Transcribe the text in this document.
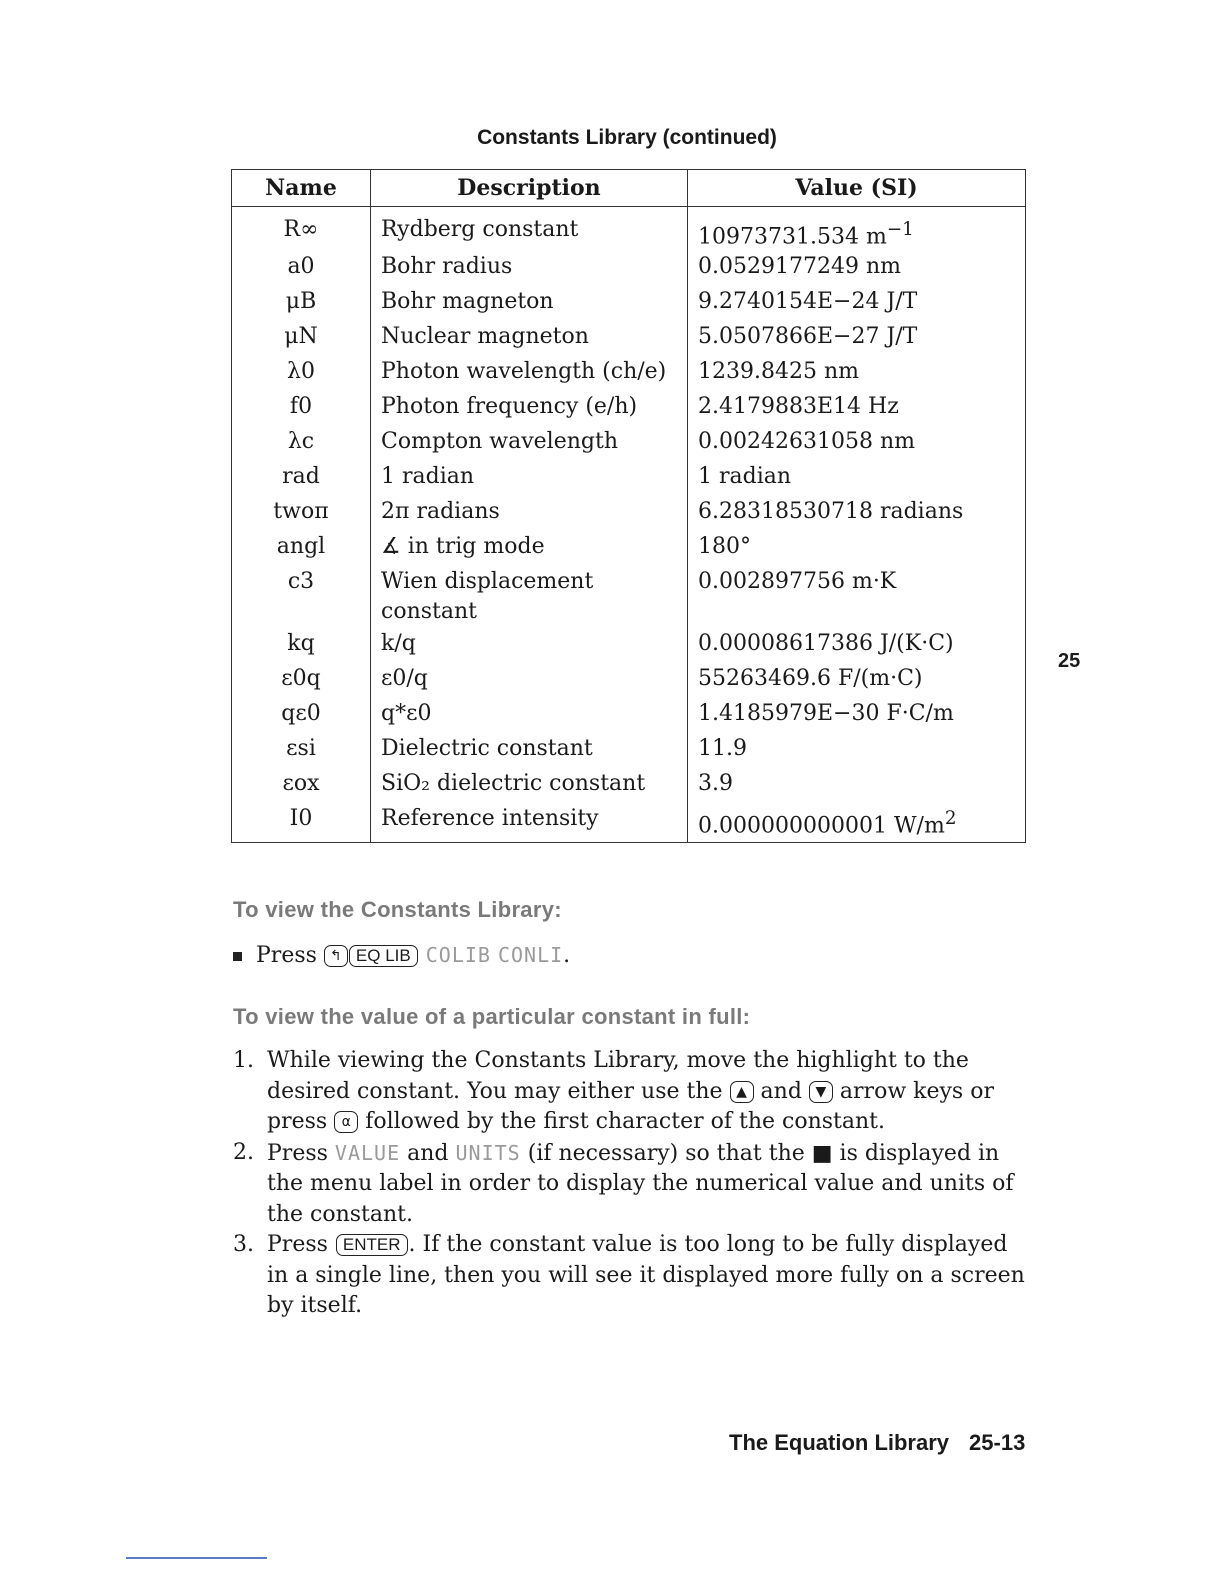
Constants Library (continued)
Name	Description	Value (SI)
R∞	Rydberg constant	10973731.534 $m^{-1}$
a0	Bohr radius	0.0529177249 nm
μB	Bohr magneton	9.2740154E−24 J/T
μN	Nuclear magneton	5.0507866E−27 J/T
λ0	Photon wavelength (ch/e)	1239.8425 nm
f0	Photon frequency (e/h)	2.4179883E14 Hz
λc	Compton wavelength	0.00242631058 nm
rad	1 radian	1 radian
twoπ	2π radians	6.28318530718 radians
angl	∡ in trig mode	180°
c3	Wien displacement constant	0.002897756 m·K
kq	k/q	0.00008617386 J/(K·C)
ε0q	ε0/q	55263469.6 F/(m·C)
qε0	q*ε0	1.4185979E−30 F·C/m
εsi	Dielectric constant	11.9
εox	SiO₂ dielectric constant	3.9
I0	Reference intensity	0.000000000001 $W/m^2$
25
To view the Constants Library:
Press ↰ EQ LIB COLIB CONLI.
To view the value of a particular constant in full:
1. While viewing the Constants Library, move the highlight to the desired constant. You may either use the ▲ and ▼ arrow keys or press α followed by the first character of the constant.
2. Press VALUE and UNITS (if necessary) so that the ■ is displayed in the menu label in order to display the numerical value and units of the constant.
3. Press ENTER . If the constant value is too long to be fully displayed in a single line, then you will see it displayed more fully on a screen by itself.
The Equation Library 25-13
